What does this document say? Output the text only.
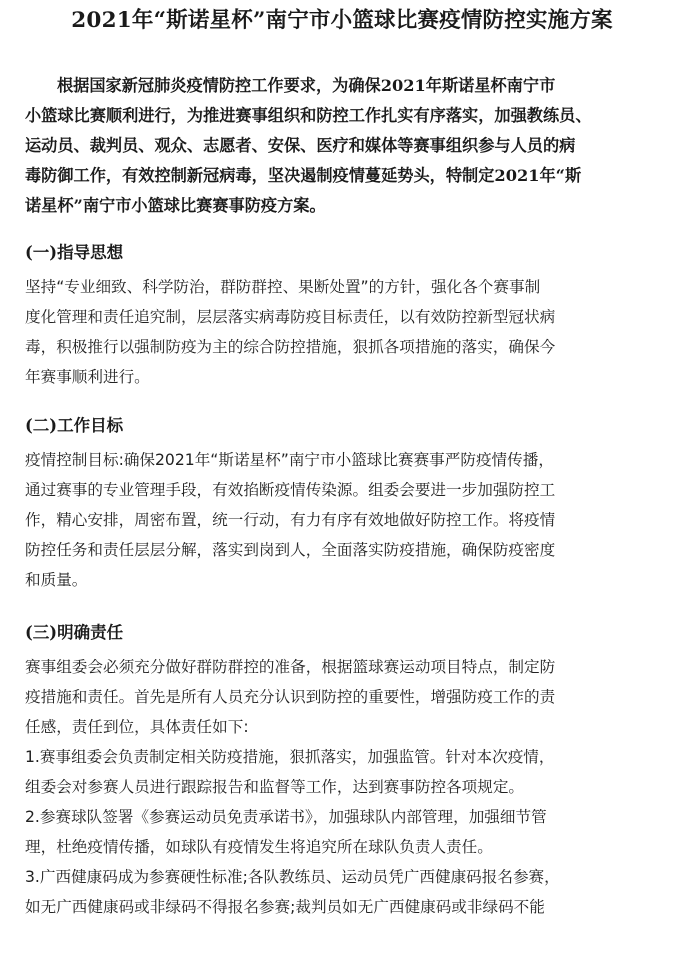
2021年“斯诺星杯”南宁市小篮球比赛疫情防控实施方案
根据国家新冠肺炎疫情防控工作要求，为确保2021年斯诺星杯南宁市
小篮球比赛顺利进行，为推进赛事组织和防控工作扎实有序落实，加强教练员、
运动员、裁判员、观众、志愿者、安保、医疗和媒体等赛事组织参与人员的病
毒防御工作，有效控制新冠病毒，坚决遏制疫情蔓延势头，特制定2021年“斯
诺星杯”南宁市小篮球比赛赛事防疫方案。
(一)指导思想
坚持“专业细致、科学防治，群防群控、果断处置”的方针，强化各个赛事制
度化管理和责任追究制，层层落实病毒防疫目标责任，以有效防控新型冠状病
毒，积极推行以强制防疫为主的综合防控措施，狠抓各项措施的落实，确保今
年赛事顺利进行。
(二)工作目标
疫情控制目标:确保2021年“斯诺星杯”南宁市小篮球比赛赛事严防疫情传播，
通过赛事的专业管理手段，有效掐断疫情传染源。组委会要进一步加强防控工
作，精心安排，周密布置，统一行动，有力有序有效地做好防控工作。将疫情
防控任务和责任层层分解，落实到岗到人，全面落实防疫措施，确保防疫密度
和质量。
(三)明确责任
赛事组委会必须充分做好群防群控的准备，根据篮球赛运动项目特点，制定防
疫措施和责任。首先是所有人员充分认识到防控的重要性，增强防疫工作的责
任感，责任到位，具体责任如下:
1.赛事组委会负责制定相关防疫措施，狠抓落实，加强监管。针对本次疫情，
组委会对参赛人员进行跟踪报告和监督等工作，达到赛事防控各项规定。
2.参赛球队签署《参赛运动员免责承诺书》，加强球队内部管理，加强细节管
理，杜绝疫情传播，如球队有疫情发生将追究所在球队负责人责任。
3.广西健康码成为参赛硬性标准;各队教练员、运动员凭广西健康码报名参赛，
如无广西健康码或非绿码不得报名参赛;裁判员如无广西健康码或非绿码不能
